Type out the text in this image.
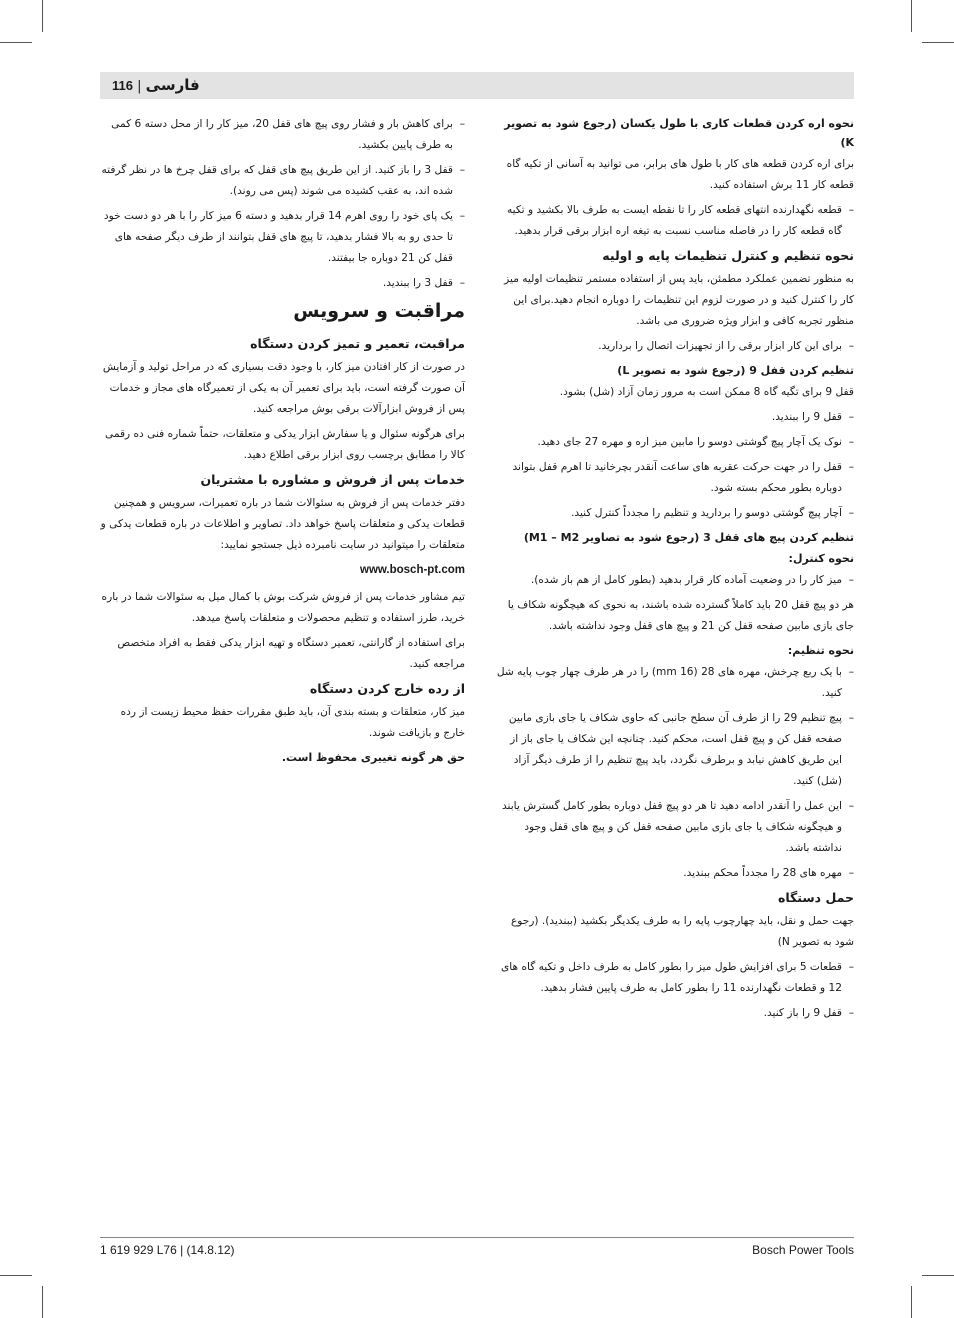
116 | فارسی
نحوه اره کردن قطعات کاری با طول یکسان (رجوع شود به تصویر K)
برای اره کردن قطعه های کار با طول های برابر، می توانید به آسانی از تکیه گاه قطعه کار 11 برش استفاده کنید.
– قطعه نگهدارنده انتهای قطعه کار را تا نقطه ایست به طرف بالا بکشید و تکیه گاه قطعه کار را در فاصله مناسب نسبت به تیغه اره ابزار برقی قرار بدهید.
نحوه تنظیم و کنترل تنظیمات پایه و اولیه
به منظور تضمین عملکرد مطمئن، باید پس از استفاده مستمر تنظیمات اولیه میز کار را کنترل کنید و در صورت لزوم این تنظیمات را دوباره انجام دهید.برای این منظور تجربه کافی و ابزار ویژه ضروری می باشد.
– برای این کار ابزار برقی را از تجهیزات اتصال را بردارید.
تنظیم کردن قفل 9 (رجوع شود به تصویر L)
قفل 9 برای تگیه گاه 8 ممکن است به مرور زمان آزاد (شل) بشود.
– قفل 9 را ببندید.
– نوک یک آچار پیچ گوشتی دوسو را مابین میز اره و مهره 27 جای دهید.
– قفل را در جهت حرکت عقربه های ساعت آنقدر بچرخانید تا اهرم قفل بتواند دوباره بطور محکم بسته شود.
– آچار پیچ گوشتی دوسو را بردارید و تنظیم را مجدداً کنترل کنید.
تنظیم کردن پیچ های قفل 3 (رجوع شود به تصاویر M1 – M2)
نحوه کنترل:
– میز کار را در وضعیت آماده کار قرار بدهید (بطور کامل از هم باز شده).
هر دو پیچ قفل 20 باید کاملاً گسترده شده باشند، به نحوی که هیچگونه شکاف یا جای بازی مابین صفحه قفل کن 21 و پیچ های قفل وجود نداشته باشد.
نحوه تنظیم:
– با یک ربع چرخش، مهره های 28 (16 mm) را در هر طرف چهار چوب پایه شل کنید.
– پیچ تنظیم 29 را از طرف آن سطح جانبی که حاوی شکاف یا جای بازی مابین صفحه قفل کن و پیچ قفل است، محکم کنید. چنانچه این شکاف یا جای باز از این طریق کاهش نیابد و برطرف نگردد، باید پیچ تنظیم را از طرف دیگر آزاد (شل) کنید.
– این عمل را آنقدر ادامه دهید تا هر دو پیچ قفل دوباره بطور کامل گسترش یابند و هیچگونه شکاف یا جای بازی مابین صفحه قفل کن و پیچ های قفل وجود نداشته باشد.
– مهره های 28 را مجدداً محکم ببندید.
حمل دستگاه
جهت حمل و نقل، باید چهارچوب پایه را به طرف یکدیگر بکشید (ببندید). (رجوع شود به تصویر N)
– قطعات 5 برای افزایش طول میز را بطور کامل به طرف داخل و تکیه گاه های 12 و قطعات نگهدارنده 11 را بطور کامل به طرف پایین فشار بدهید.
– قفل 9 را باز کنید.
– برای کاهش بار و فشار روی پیچ های قفل 20، میز کار را از محل دسته 6 کمی به طرف پایین بکشید.
– قفل 3 را باز کنید. از این طریق پیچ های قفل که برای قفل چرخ ها در نظر گرفته شده اند، به عقب کشیده می شوند (پس می روند).
– یک پای خود را روی اهرم 14 قرار بدهید و دسته 6 میز کار را با هر دو دست خود تا حدی رو به بالا فشار بدهید، تا پیچ های قفل بتوانند از طرف دیگر صفحه های قفل کن 21 دوباره جا بیفتند.
– قفل 3 را ببندید.
مراقبت و سرویس
مراقبت، تعمیر و تمیز کردن دستگاه
در صورت از کار افتادن میز کار، با وجود دقت بسیاری که در مراحل تولید و آزمایش آن صورت گرفته است، باید برای تعمیر آن به یکی از تعمیرگاه های مجاز و خدمات پس از فروش ابزارآلات برقی بوش مراجعه کنید.
برای هرگونه سئوال و یا سفارش ابزار یدکی و متعلقات، حتماً شماره فنی ده رقمی کالا را مطابق برچسب روی ابزار برقی اطلاع دهید.
خدمات پس از فروش و مشاوره با مشتریان
دفتر خدمات پس از فروش به سئوالات شما در باره تعمیرات، سرویس و همچنین قطعات یدکی و متعلقات پاسخ خواهد داد. تصاویر و اطلاعات در باره قطعات یدکی و متعلقات را میتوانید در سایت نامبرده ذیل جستجو نمایید:
www.bosch-pt.com
تیم مشاور خدمات پس از فروش شرکت بوش با کمال میل به سئوالات شما در باره خرید، طرز استفاده و تنظیم محصولات و متعلقات پاسخ میدهد.
برای استفاده از گارانتی، تعمیر دستگاه و تهیه ابزار یدکی فقط به افراد متخصص مراجعه کنید.
از رده خارج کردن دستگاه
میز کار، متعلقات و بسته بندی آن، باید طبق مقررات حفظ محیط زیست از رده خارج و بازیافت شوند.
حق هر گونه تغییری محفوظ است.
1 619 929 L76 | (14.8.12)	Bosch Power Tools
